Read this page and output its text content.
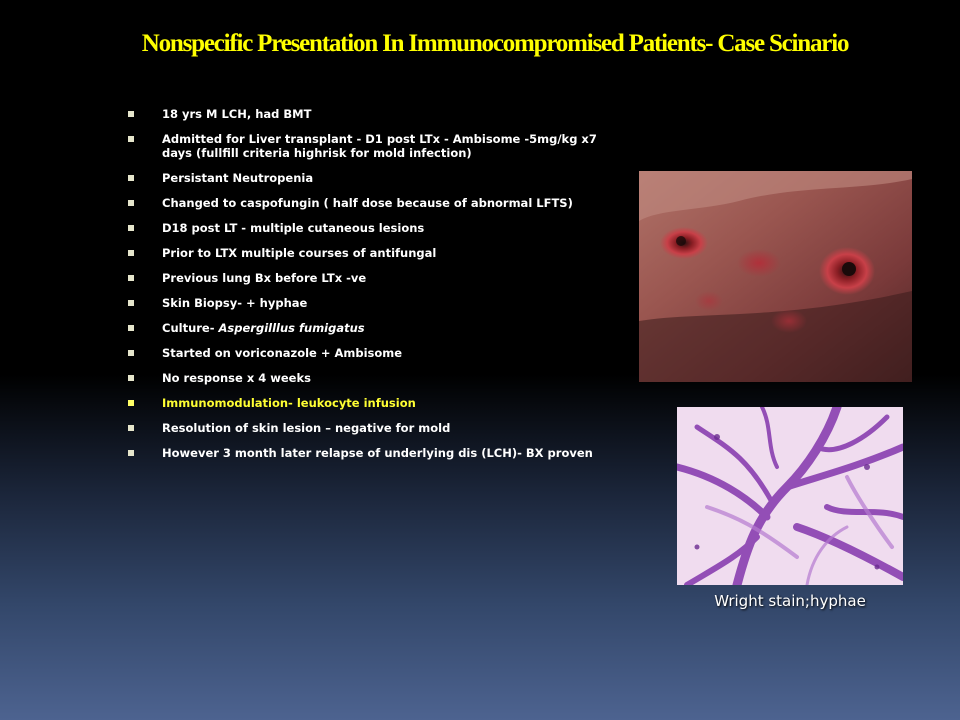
Nonspecific Presentation In Immunocompromised Patients- Case Scinario
18 yrs M LCH, had BMT
Admitted for Liver transplant - D1 post LTx - Ambisome -5mg/kg x7 days (fullfill criteria highrisk for mold infection)
Persistant Neutropenia
Changed to caspofungin ( half dose because of abnormal LFTS)
D18 post LT - multiple cutaneous lesions
Prior to LTX multiple courses of antifungal
Previous lung Bx before LTx -ve
Skin Biopsy- + hyphae
Culture- Aspergilllus fumigatus
Started on voriconazole + Ambisome
No response x 4 weeks
Immunomodulation- leukocyte infusion
Resolution of skin lesion – negative for mold
However 3 month later relapse of underlying dis (LCH)- BX proven
Wright stain;hyphae
